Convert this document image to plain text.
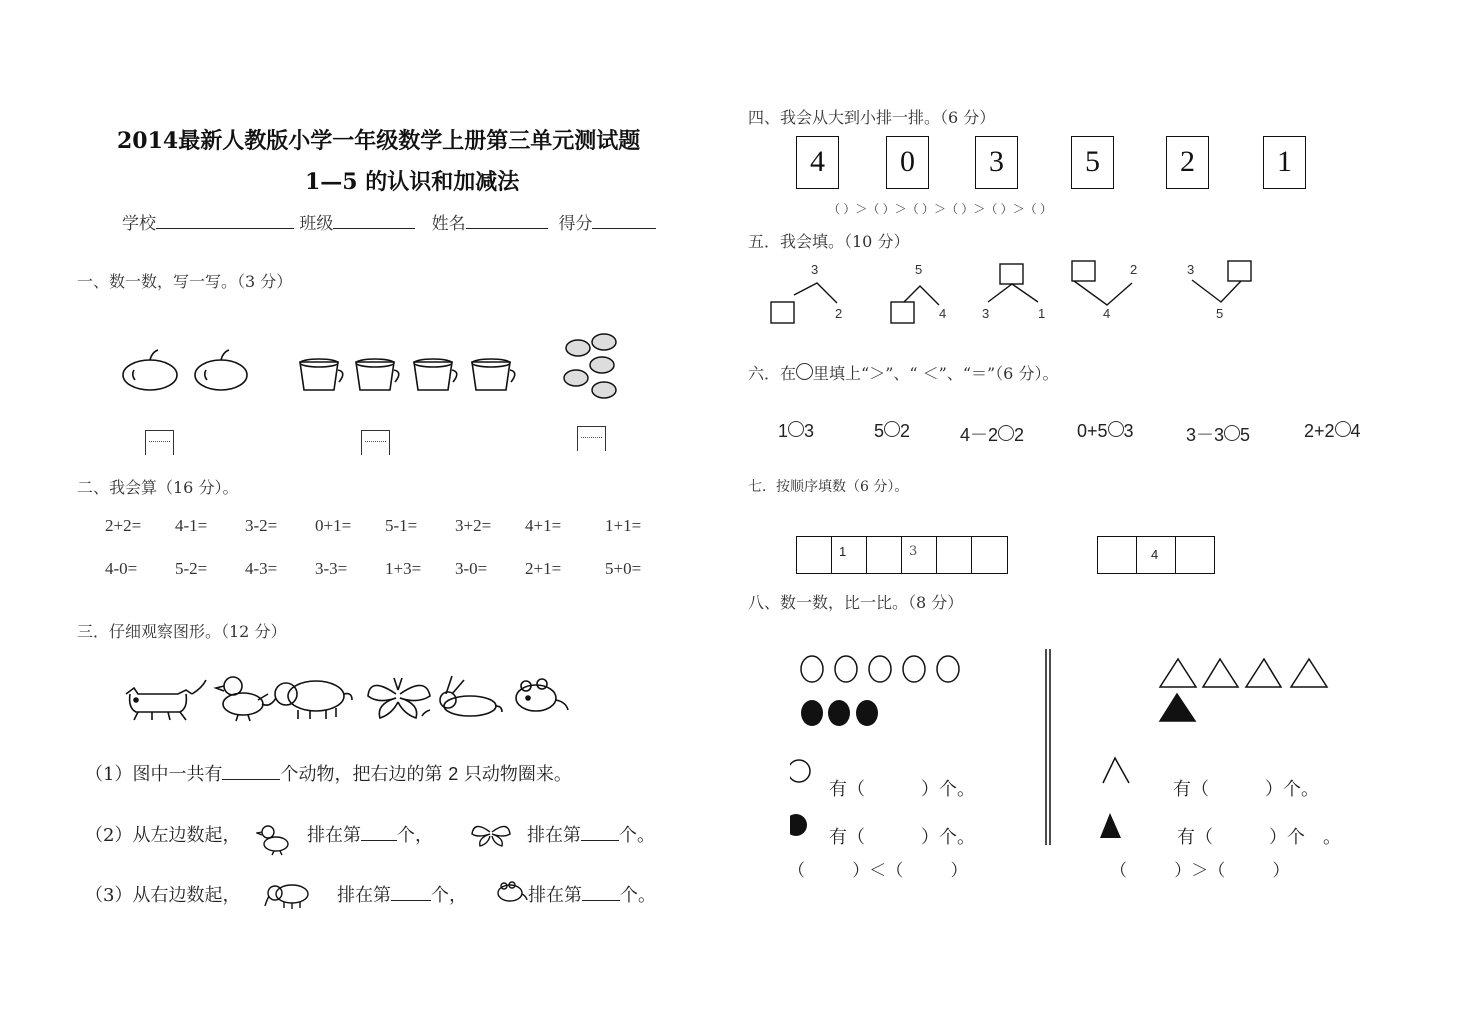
2014最新人教版小学一年级数学上册第三单元测试题
1—5 的认识和加减法
学校	班级	姓名	得分
一、数一数，写一写。（3 分）
二、我会算（16 分）。
2+2= 4-1= 3-2= 0+1= 5-1= 3+2= 4+1=	1+1=
4-0= 5-2= 4-3= 3-3= 1+3= 3-0= 2+1=	5+0=
三．仔细观察图形。（12 分）
（1）图中一共有	个动物，把右边的第 2 只动物圈来。
（2）从左边数起，	排在第 个，	排在第 个。
（3）从右边数起，	排在第 个，	排在第 个。
四、我会从大到小排一排。（6 分）
4	0	3	5	2	1
（ ）＞（ ）＞（ ）＞（ ）＞（ ）＞（ ）
五．我会填。（10 分）
3
2
5
4	3	1
2
4
3
5
六．在 里填上“＞”、“ ＜”、“＝”（6 分）。
1 3	5 2	4－2 2	0+5 3	3－3 5	2+2 4
七．按顺序填数（6 分）。
1	3	4
八、数一数，比一比。（8 分）
有（	）个。
有（	）个。
（          ）＜（          ）
有（	）个。
有（	）个　。
（          ）＞（          ）
